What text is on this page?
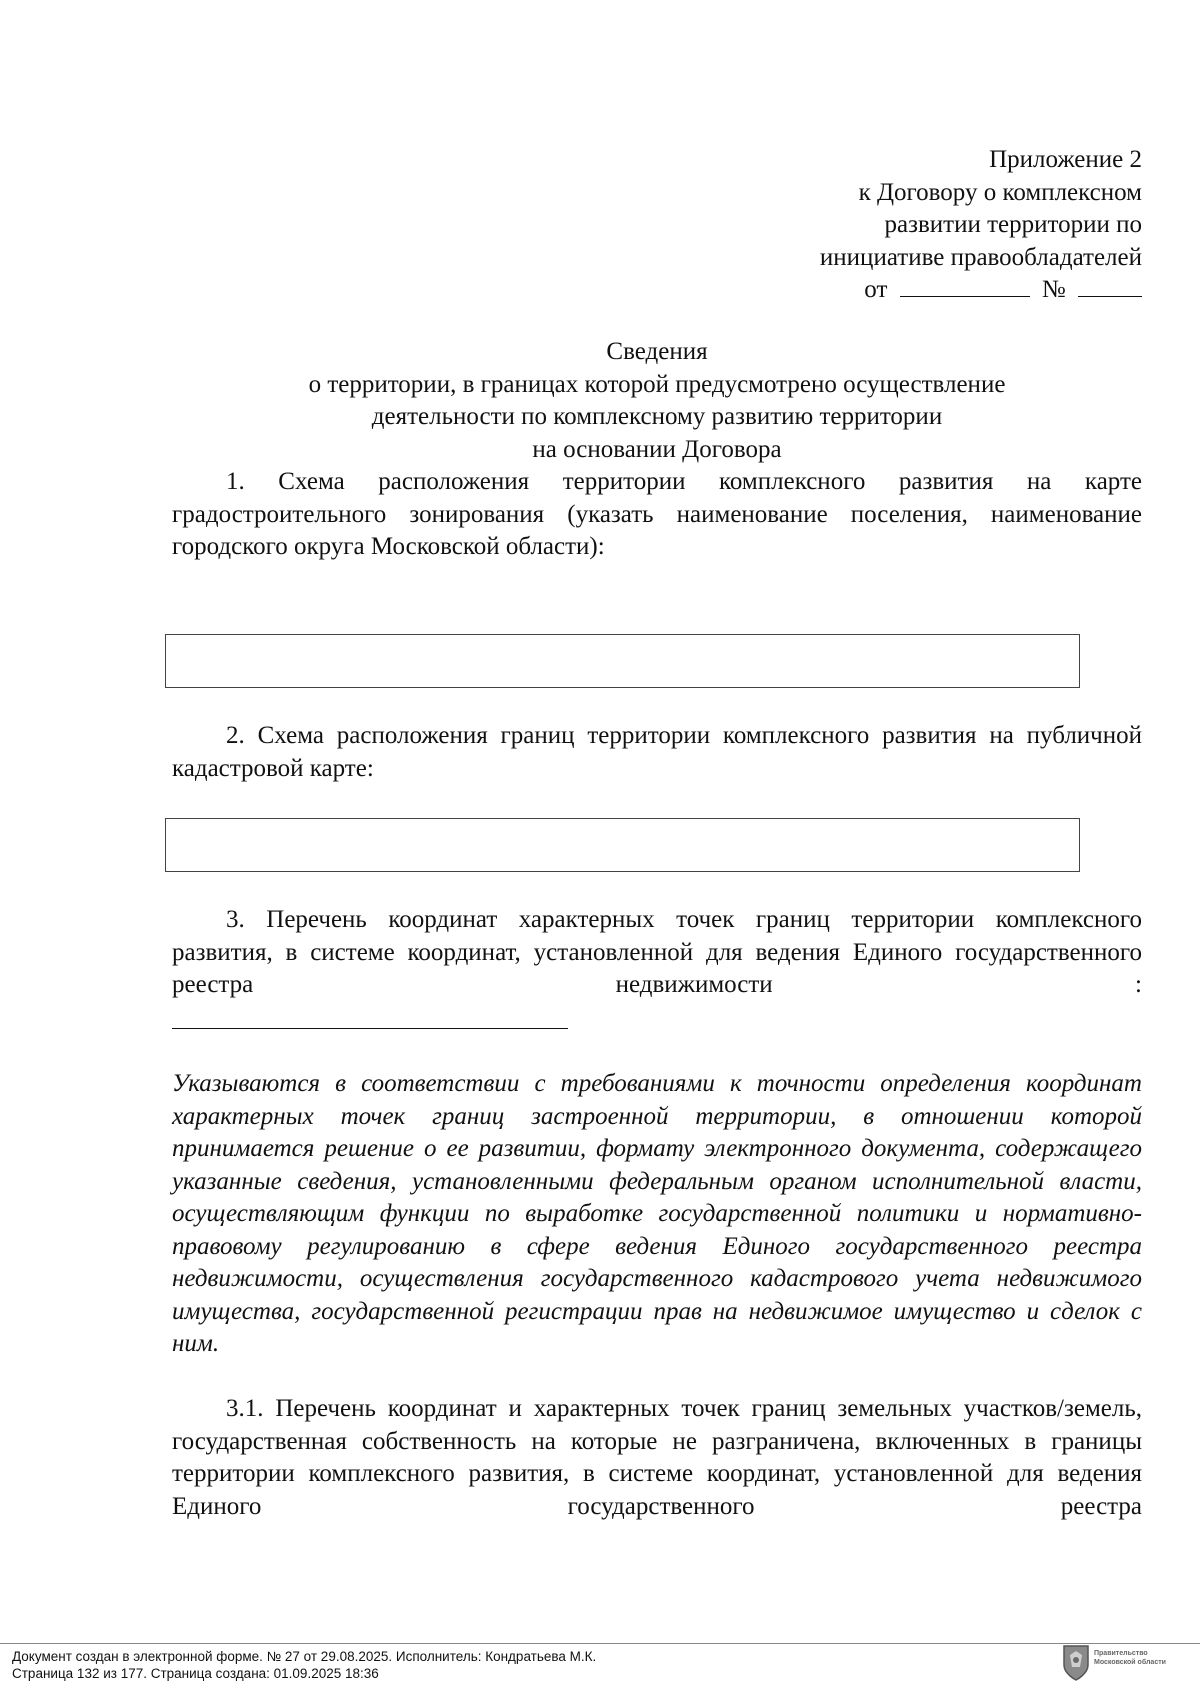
Приложение 2
к Договору о комплексном
развитии территории по
инициативе правообладателей
от	№
Сведения
о территории, в границах которой предусмотрено осуществление
деятельности по комплексному развитию территории
на основании Договора
1. Схема расположения территории комплексного развития на карте градостроительного зонирования (указать наименование поселения, наименование городского округа Московской области):
2. Схема расположения границ территории комплексного развития на публичной кадастровой карте:
3. Перечень координат характерных точек границ территории комплексного развития, в системе координат, установленной для ведения Единого государственного реестра недвижимости :
Указываются в соответствии с требованиями к точности определения координат характерных точек границ застроенной территории, в отношении которой принимается решение о ее развитии, формату электронного документа, содержащего указанные сведения, установленными федеральным органом исполнительной власти, осуществляющим функции по выработке государственной политики и нормативно-правовому регулированию в сфере ведения Единого государственного реестра недвижимости, осуществления государственного кадастрового учета недвижимого имущества, государственной регистрации прав на недвижимое имущество и сделок с ним.
3.1. Перечень координат и характерных точек границ земельных участков/земель, государственная собственность на которые не разграничена, включенных в границы территории комплексного развития, в системе координат, установленной для ведения Единого государственного реестра
Документ создан в электронной форме. № 27 от 29.08.2025. Исполнитель: Кондратьева М.К.
Страница 132 из 177. Страница создана: 01.09.2025 18:36
Правительство
Московской области
